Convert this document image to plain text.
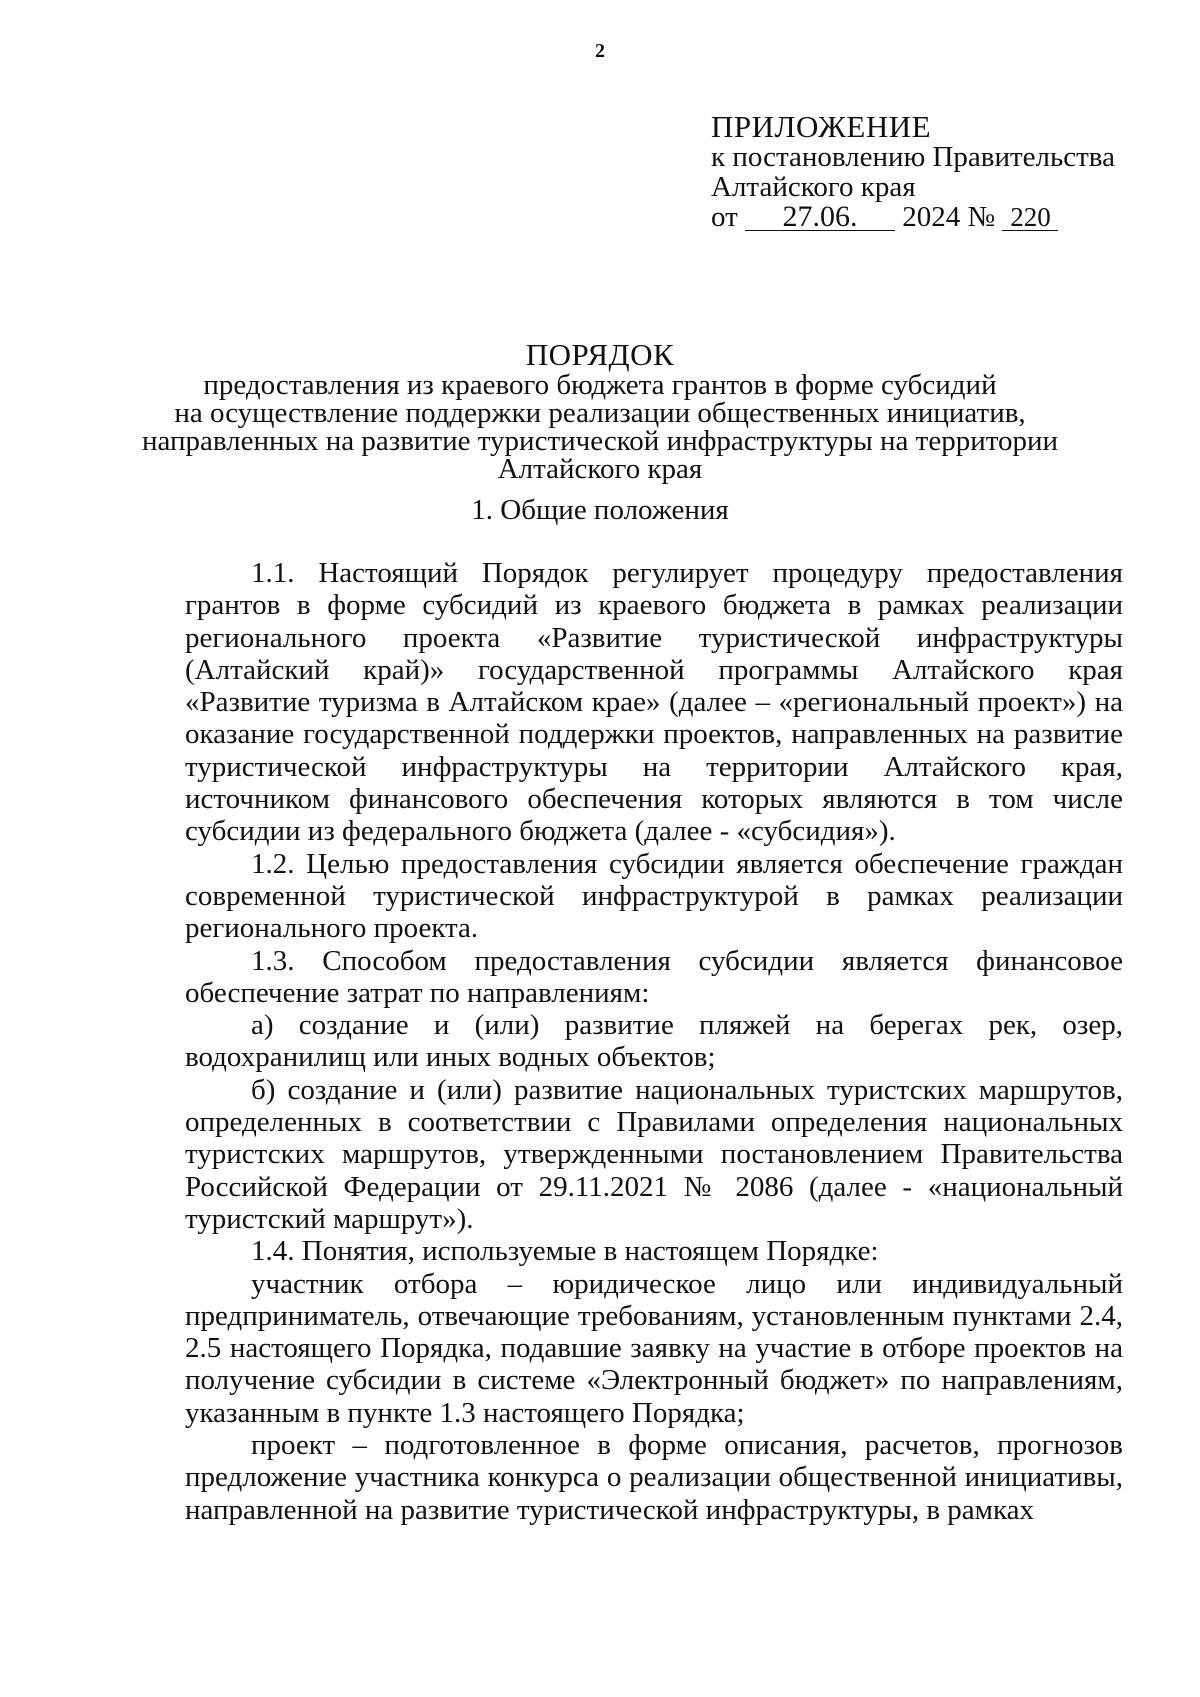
2
ПРИЛОЖЕНИЕ
к постановлению Правительства
Алтайского края
от 27.06. 2024 № 220
ПОРЯДОК
предоставления из краевого бюджета грантов в форме субсидий
на осуществление поддержки реализации общественных инициатив,
направленных на развитие туристической инфраструктуры на территории
Алтайского края
1. Общие положения

1.1. Настоящий Порядок регулирует процедуру предоставления грантов в форме субсидий из краевого бюджета в рамках реализации регионального проекта «Развитие туристической инфраструктуры (Алтайский край)» государственной программы Алтайского края «Развитие туризма в Алтайском крае» (далее – «региональный проект») на оказание государственной поддержки проектов, направленных на развитие туристической инфраструктуры на территории Алтайского края, источником финансового обеспечения которых являются в том числе субсидии из федерального бюджета (далее - «субсидия»).

1.2. Целью предоставления субсидии является обеспечение граждан современной туристической инфраструктурой в рамках реализации регионального проекта.

1.3. Способом предоставления субсидии является финансовое обеспечение затрат по направлениям:

а) создание и (или) развитие пляжей на берегах рек, озер, водохранилищ или иных водных объектов;

б) создание и (или) развитие национальных туристских маршрутов, определенных в соответствии с Правилами определения национальных туристских маршрутов, утвержденными постановлением Правительства Российской Федерации от 29.11.2021 № 2086 (далее - «национальный туристский маршрут»).

1.4. Понятия, используемые в настоящем Порядке:

участник отбора – юридическое лицо или индивидуальный предприниматель, отвечающие требованиям, установленным пунктами 2.4, 2.5 настоящего Порядка, подавшие заявку на участие в отборе проектов на получение субсидии в системе «Электронный бюджет» по направлениям, указанным в пункте 1.3 настоящего Порядка;

проект – подготовленное в форме описания, расчетов, прогнозов предложение участника конкурса о реализации общественной инициативы, направленной на развитие туристической инфраструктуры, в рамках
